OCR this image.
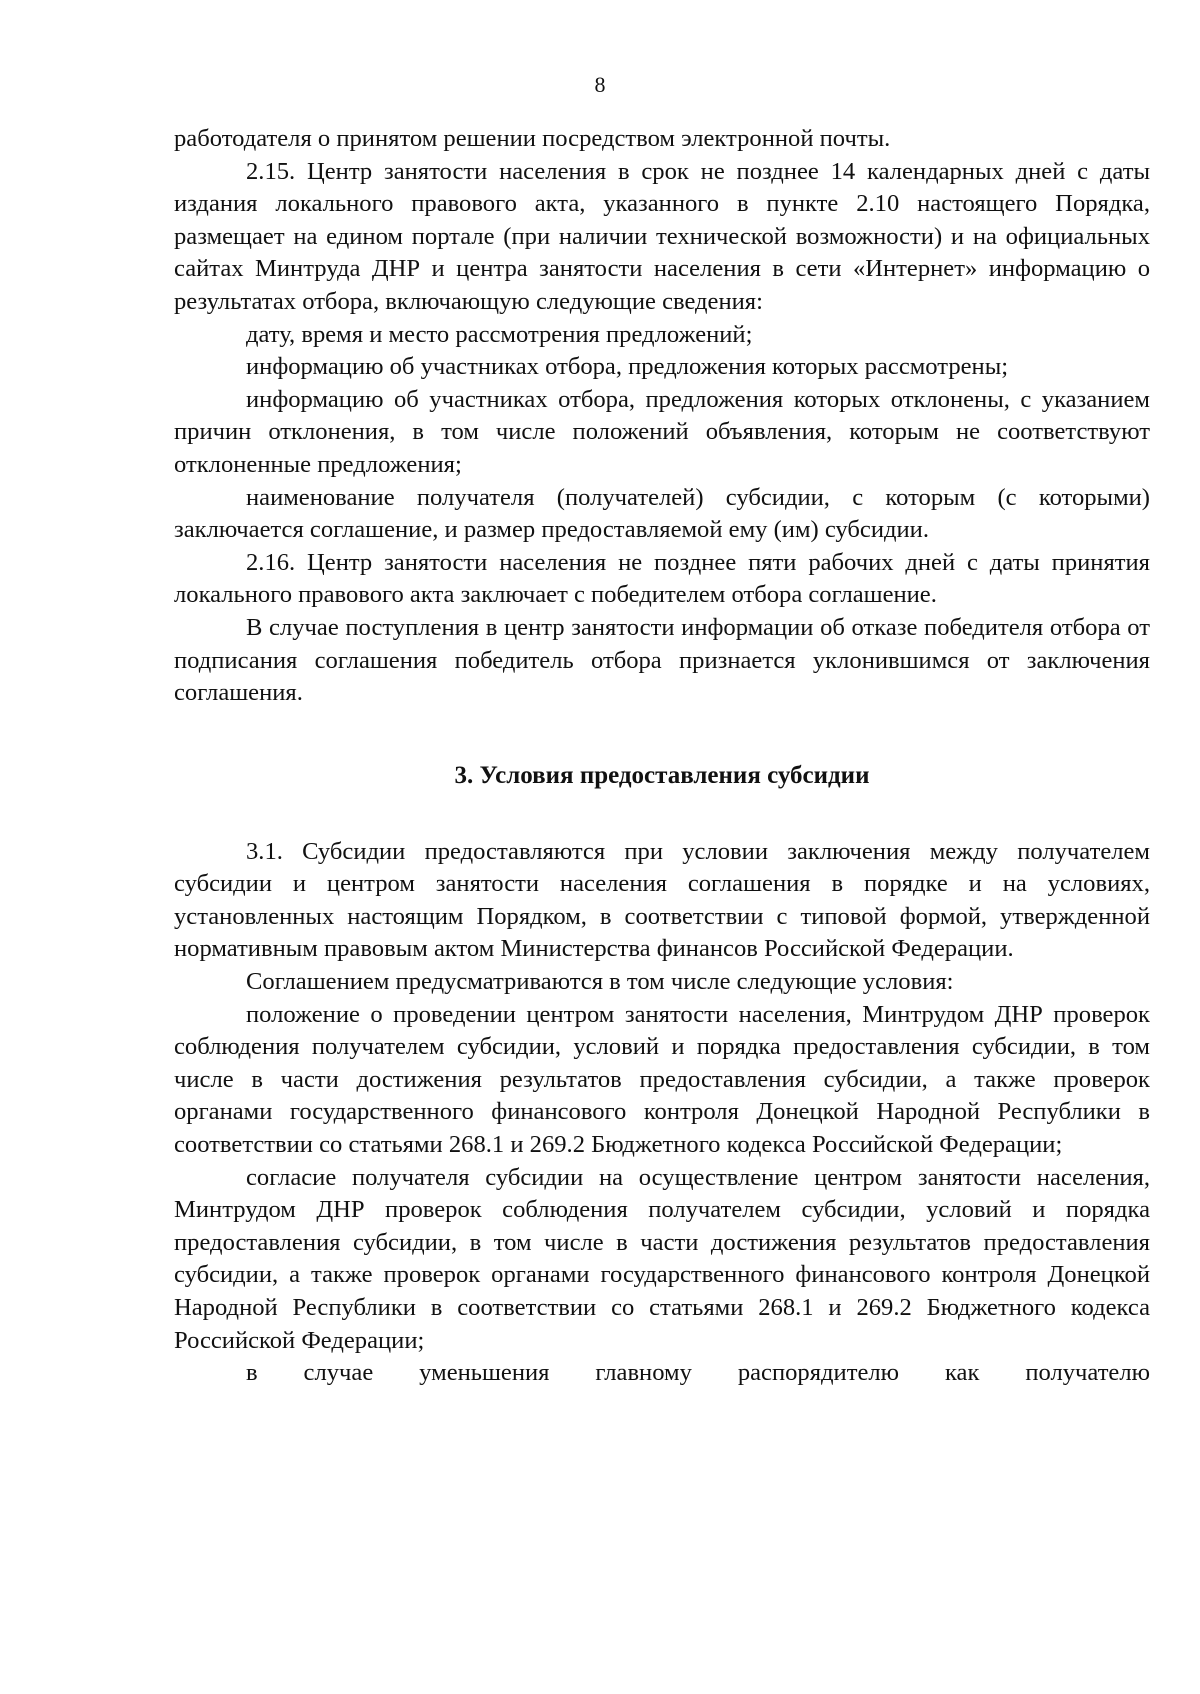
8

работодателя о принятом решении посредством электронной почты.

2.15. Центр занятости населения в срок не позднее 14 календарных дней с даты издания локального правового акта, указанного в пункте 2.10 настоящего Порядка, размещает на едином портале (при наличии технической возможности) и на официальных сайтах Минтруда ДНР и центра занятости населения в сети «Интернет» информацию о результатах отбора, включающую следующие сведения:

дату, время и место рассмотрения предложений;

информацию об участниках отбора, предложения которых рассмотрены;

информацию об участниках отбора, предложения которых отклонены, с указанием причин отклонения, в том числе положений объявления, которым не соответствуют отклоненные предложения;

наименование получателя (получателей) субсидии, с которым (с которыми) заключается соглашение, и размер предоставляемой ему (им) субсидии.

2.16. Центр занятости населения не позднее пяти рабочих дней с даты принятия локального правового акта заключает с победителем отбора соглашение.

В случае поступления в центр занятости информации об отказе победителя отбора от подписания соглашения победитель отбора признается уклонившимся от заключения соглашения.

3. Условия предоставления субсидии

3.1. Субсидии предоставляются при условии заключения между получателем субсидии и центром занятости населения соглашения в порядке и на условиях, установленных настоящим Порядком, в соответствии с типовой формой, утвержденной нормативным правовым актом Министерства финансов Российской Федерации.

Соглашением предусматриваются в том числе следующие условия:

положение о проведении центром занятости населения, Минтрудом ДНР проверок соблюдения получателем субсидии, условий и порядка предоставления субсидии, в том числе в части достижения результатов предоставления субсидии, а также проверок органами государственного финансового контроля Донецкой Народной Республики в соответствии со статьями 268.1 и 269.2 Бюджетного кодекса Российской Федерации;

согласие получателя субсидии на осуществление центром занятости населения, Минтрудом ДНР проверок соблюдения получателем субсидии, условий и порядка предоставления субсидии, в том числе в части достижения результатов предоставления субсидии, а также проверок органами государственного финансового контроля Донецкой Народной Республики в соответствии со статьями 268.1 и 269.2 Бюджетного кодекса Российской Федерации;

в случае уменьшения главному распорядителю как получателю
